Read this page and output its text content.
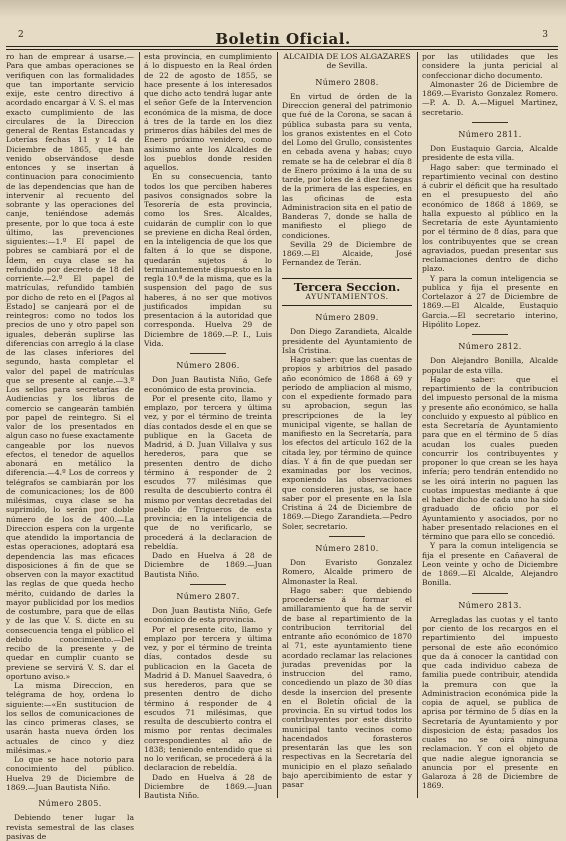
2	Boletin Oficial.	3

ro han de emprear á usarse.—Para que ambas operaciones se verifiquen con las formalidades que tan importante servicio exije, este centro directivo á acordado encargar á V. S. el mas exacto cumplimiento de las circulares de la Direccion general de Rentas Estancadas y Loterías fechas 11 y 14 de Diciembre de 1865, que han venido observándose desde entonces y se insertan á continuacion para conocimiento de las dependencias que han de intervenir al recuento del sobrante y las operaciones del canje, teniéndose además presente, por lo que toca á este último, las prevenciones siguientes:—1.º El papel de pobres se cambiará por el de Ídem, en cuya clase se ha refundido por decreto de 18 del corriente.—2.º El papel de matrículas, refundido también por dicho de reto en el [Pagos al Estado] se canjeará por el de reintegros: como no todos los precios de uno y otro papel son iguales, deberán suplirse las diferencias con arreglo á la clase de las clases inferiores del segundo, hasta completar el valor del papel de matrículas que se presente al canje.—3.º Los sellos para secretarías de Audiencias y los libros de comercio se cangearán también por papel de reintegro. Si el valor de los presentados en algun caso no fuese exactamente cangeable por los nuevos efectos, el tenedor de aquellos abonará en metálico la diferencia.—4.º Los de correos y telégrafos se cambiarán por los de comunicaciones; los de 800 milésimas, cuya clase se ha suprimido, lo serán por doble número de los de 400.—La Direccion espera con la urgente que atendido la importancia de estas operaciones, adoptará esa dependencia las mas eficaces disposiciones á fin de que se observen con la mayor exactitud las reglas de que queda hecho mérito, cuidando de darles la mayor publicidad por los medios de costumbre, para que de ellas y de las que V. S. dicte en su consecuencia tenga el público el debido conocimiento.—Del recibo de la presente y de quedar en cumplir cuanto se previene se servirá V. S. dar el oportuno aviso.»

La misma Direccion, en telégrama de hoy, ordena lo siguiente:—«En sustitucion de los sellos de comunicaciones de las cinco primeras clases, se usarán hasta nueva órden los actuales de cinco y diez milésimas.»

Lo que se hace notorio para conocimiento del público. Huelva 29 de Diciembre de 1869.—Juan Bautista Niño.

Número 2805.

Debiendo tener lugar la revista semestral de las clases pasivas de

esta provincia, en cumplimiento á lo dispuesto en la Real órden de 22 de agosto de 1855, se hace presente á los interesados que dicho acto tendrá lugar ante el señor Gefe de la Intervencion económica de la misma, de doce á tres de la tarde en los diez primeros días hábiles del mes de Enero próximo venidero, como asimismo ante los Alcaldes de los pueblos donde residen aquellos.

En su consecuencia, tanto todos los que perciben haberes pasivos consignados sobre la Tesorería de esta provincia, como los Sres. Alcaldes, cuidarán de cumplir con lo que se previene en dicha Real órden, en la inteligencia de que los que falten á lo que se dispone, quedarán sujetos á lo terminantemente dispuesto en la regla 10.ª de la misma, que es la suspension del pago de sus haberes, á no ser que motivos justificados impidan su presentacion á la autoridad que corresponda. Huelva 29 de Diciembre de 1869.—P. I., Luis Vida.

Número 2806.

Don Juan Bautista Niño, Gefe económico de esta provincia.

Por el presente cito, llamo y emplazo, por tercera y última vez, y por el término de treinta días contados desde el en que se publique en la Gaceta de Madrid, á D. Juan Villalva y sus herederos, para que se presenten dentro de dicho término á responder de 2 escudos 77 milésimas que resulta de descubierto contra él mismo por ventas decretadas del pueblo de Trigueros de esta provincia; en la inteligencia de que de no verificarlo, se procederá á la declaracion de rebeldía.

Dado en Huelva á 28 de Diciembre de 1869.—Juan Bautista Niño.

Número 2807.

Don Juan Bautista Niño, Gefe económico de esta provincia.

Por el presente cito, llamo y emplazo por tercera y última vez, y por el término de treinta días, contados desde su publicacion en la Gaceta de Madrid á D. Manuel Saavedra, ó sus herederos, para que se presenten dentro de dicho término á responder de 4 escudos 71 milésimas, que resulta de descubierto contra el mismo por rentas decimales correspondientes al año de 1838; teniendo entendido que si no lo verifican, se procederá á la declaracion de rebeldía.

Dado en Huelva á 28 de Diciembre de 1869.—Juan Bautista Niño.

ALCAIDIA DE LOS ALGAZARES de Sevilla.
Número 2808.

En virtud de órden de la Direccion general del patrimonio que fué de la Corona, se sacan á pública subasta para su venta, los granos existentes en el Coto del Lomo del Grullo, consistentes en cebada avena y habas; cuyo remate se ha de celebrar el día 8 de Enero próximo á la una de su tarde, por lotes de á diez fanegas de la primera de las especies, en las oficinas de esta Administracion sita en el patio de Banderas 7, donde se halla de manifiesto el pliego de condiciones.

Sevilla 29 de Diciembre de 1869.—El Alcaide, José Fernandez de Terán.

Tercera Seccion.
AYUNTAMIENTOS.
Número 2809.

Don Diego Zarandieta, Alcalde presidente del Ayuntamiento de Isla Cristina.

Hago saber: que las cuentas de propios y arbitrios del pasado año económico de 1868 á 69 y período de ampliacion al mismo, con el expediente formado para su aprobacion, segun las prescripciones de la ley municipal vigente, se hallan de manifiesto en la Secretaría, para los efectos del artículo 162 de la citada ley, por término de quince días. Y á fin de que puedan ser examinadas por los vecinos, exponiendo las observaciones que consideren justas, se hace saber por el presente en la Isla Cristina á 24 de Diciembre de 1869.—Diego Zarandieta.—Pedro Soler, secretario.

Número 2810.

Don Evaristo Gonzalez Romero, Alcalde primero de Almonaster la Real.

Hago saber: que debiendo procederse á formar el amillaramiento que ha de servir de base al repartimiento de la contribucion territorial del entrante año económico de 1870 al 71, este ayuntamiento tiene acordado reclamar las relaciones juradas prevenidas por la instruccion del ramo, concediendo un plazo de 30 días desde la insercion del presente en el Boletín oficial de la provincia. En su virtud todos los contribuyentes por este distrito municipal tanto vecinos como hacendados forasteros presentarán las que les son respectivas en la Secretaría del municipio en el plazo señalado bajo apercibimiento de estar y pasar

por las utilidades que les considere la junta pericial al confeccionar dicho documento.

Almonaster 26 de Diciembre de 1869.—Evaristo Gonzalez Romero.—P. A. D. A.—Miguel Martinez, secretario.

Número 2811.

Don Eustaquio Garcia, Alcalde presidente de esta villa.

Hago saber: que terminado el repartimiento vecinal con destino á cubrir el déficit que ha resultado en el presupuesto del año económico de 1868 á 1869, se halla expuesto al público en la Secretaría de este Ayuntamiento por el término de 8 días, para que los contribuyentes que se crean agraviados, puedan presentar sus reclamaciones dentro de dicho plazo.

Y para la comun inteligencia se publica y fija el presente en Cortelazor á 27 de Diciembre de 1869.—El Alcalde, Eustaquio Garcia.—El secretario interino, Hipólito Lopez.

Número 2812.

Don Alejandro Bonilla, Alcalde popular de esta villa.

Hago saber: que el repartimiento de la contribucion del impuesto personal de la misma y presente año económico, se halla concluido y expuesto al público en esta Secretaría de Ayuntamiento para que en el término de 5 días acudan los cuales pueden concurrir los contribuyentes y proponer lo que crean se les haya infería; pero tendrán entendido no se les oirá interin no paguen las cuotas impuestas mediante á que el haber dicho de cada uno ha sido graduado de oficio por el Ayuntamiento y asociados, por no haber presentado relaciones en el término que para ello se concedió.

Y para la comun inteligencia se fija el presente en Cañaveral de Leon veinte y ocho de Diciembre de 1869.—El Alcalde, Alejandro Bonilla.

Número 2813.

Arregladas las cuotas y el tanto por ciento de los recargos en el repartimiento del impuesto personal de este año económico que da á conocer la cantidad con que cada individuo cabeza de familia puede contribuir, atendida la premura con que la Administracion económica pide la copia de aquel, se publica de aprisa por término de 5 días en la Secretaría de Ayuntamiento y por disposicion de ésta; pasados los cuales no se oirá ninguna reclamacion. Y con el objeto de que nadie alegue ignorancia se anuncia por el presente en Galaroza á 28 de Diciembre de 1869.
